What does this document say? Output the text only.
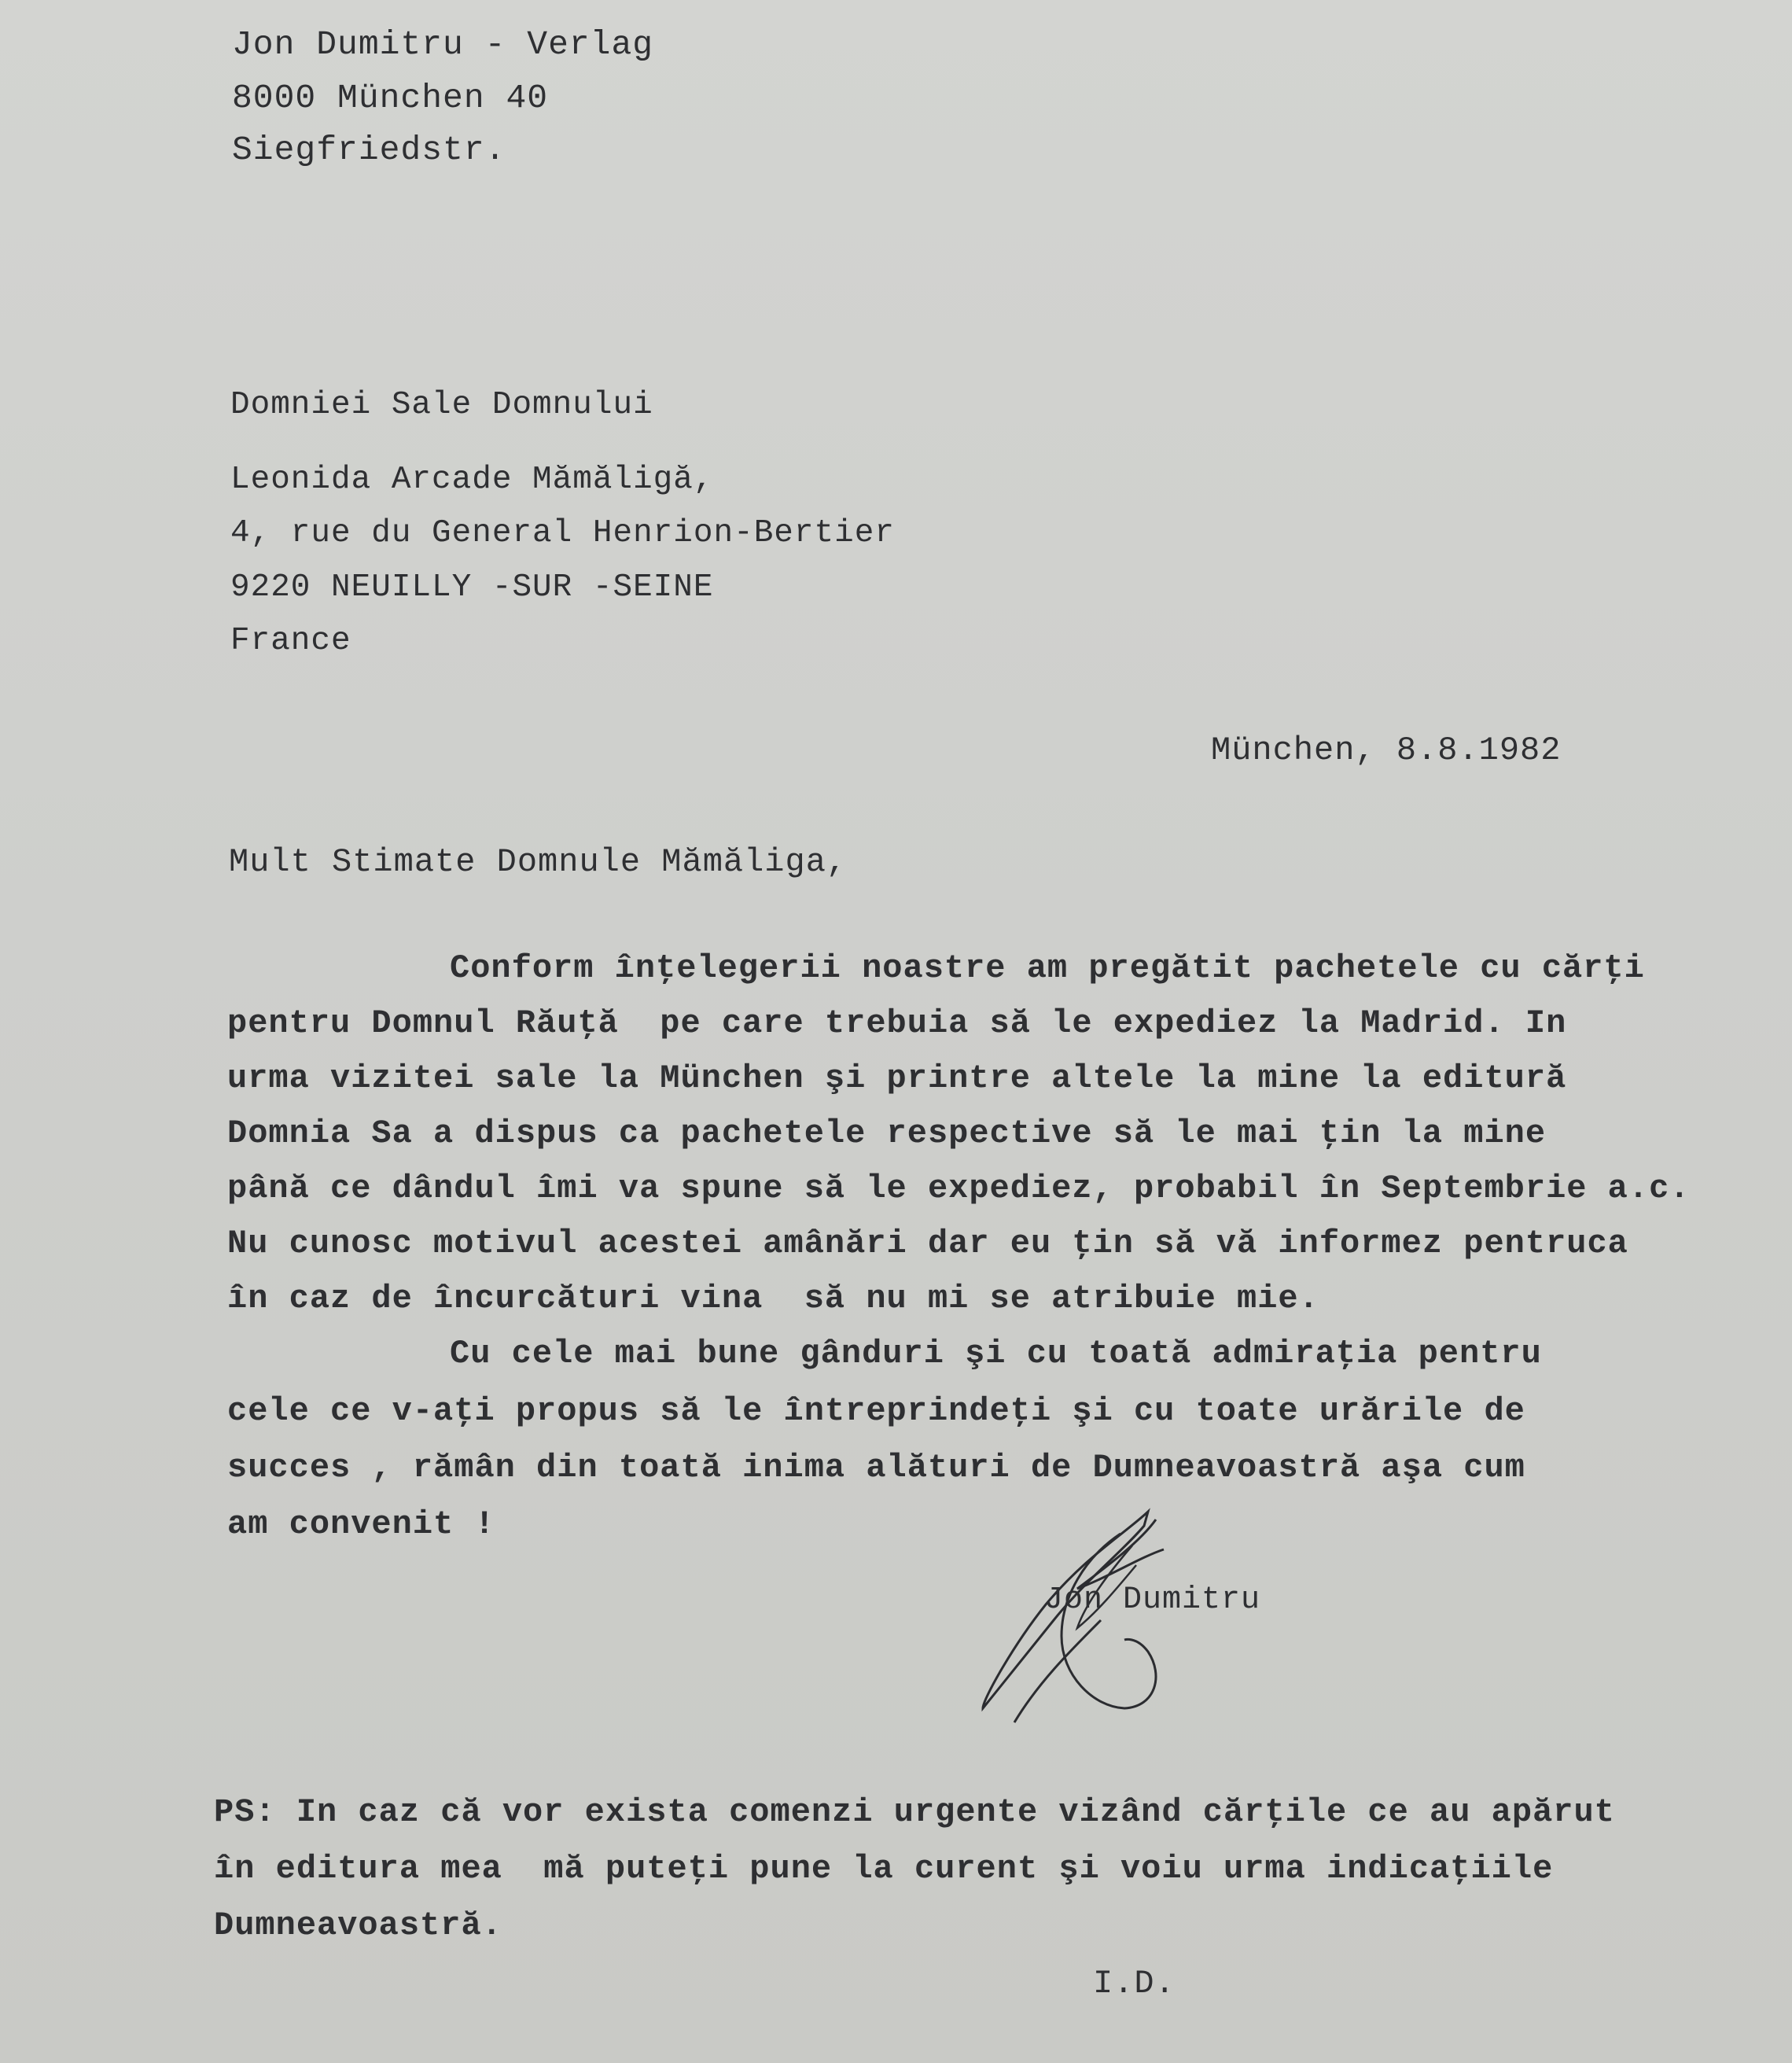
Jon Dumitru - Verlag
8000 München 40
Siegfriedstr.
Domniei Sale Domnului
Leonida Arcade Mămăligă,
4, rue du General Henrion-Bertier
9220 NEUILLY -SUR -SEINE
France
München, 8.8.1982
Mult Stimate Domnule Mămăliga,
Conform înţelegerii noastre am pregătit pachetele cu cărţi
pentru Domnul Răuţă  pe care trebuia să le expediez la Madrid. In
urma vizitei sale la München şi printre altele la mine la editură
Domnia Sa a dispus ca pachetele respective să le mai ţin la mine
până ce dândul îmi va spune să le expediez, probabil în Septembrie a.c.
Nu cunosc motivul acestei amânări dar eu ţin să vă informez pentruca
în caz de încurcături vina  să nu mi se atribuie mie.
Cu cele mai bune gânduri şi cu toată admiraţia pentru
cele ce v-aţi propus să le întreprindeţi şi cu toate urările de
succes , rămân din toată inima alături de Dumneavoastră aşa cum
am convenit !
Jon Dumitru
PS: In caz că vor exista comenzi urgente vizând cărţile ce au apărut
în editura mea  mă puteţi pune la curent şi voiu urma indicaţiile
Dumneavoastră.
I.D.
